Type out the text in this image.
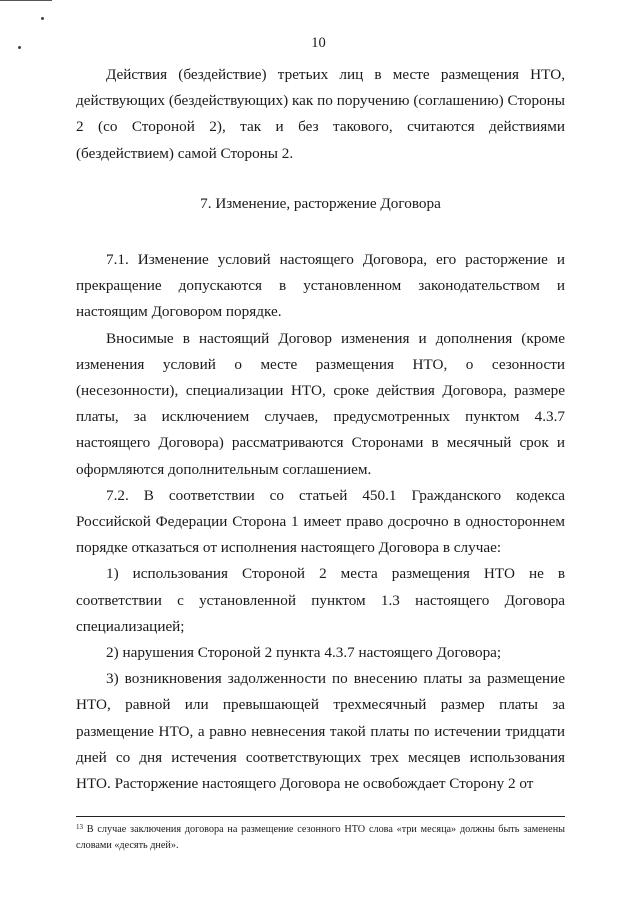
10

Действия (бездействие) третьих лиц в месте размещения НТО, действующих (бездействующих) как по поручению (соглашению) Стороны 2 (со Стороной 2), так и без такового, считаются действиями (бездействием) самой Стороны 2.

7. Изменение, расторжение Договора

7.1. Изменение условий настоящего Договора, его расторжение и прекращение допускаются в установленном законодательством и настоящим Договором порядке.

Вносимые в настоящий Договор изменения и дополнения (кроме изменения условий о месте размещения НТО, о сезонности (несезонности), специализации НТО, сроке действия Договора, размере платы, за исключением случаев, предусмотренных пунктом 4.3.7 настоящего Договора) рассматриваются Сторонами в месячный срок и оформляются дополнительным соглашением.

7.2. В соответствии со статьей 450.1 Гражданского кодекса Российской Федерации Сторона 1 имеет право досрочно в одностороннем порядке отказаться от исполнения настоящего Договора в случае:

1) использования Стороной 2 места размещения НТО не в соответствии с установленной пунктом 1.3 настоящего Договора специализацией;

2) нарушения Стороной 2 пункта 4.3.7 настоящего Договора;

3) возникновения задолженности по внесению платы за размещение НТО, равной или превышающей трехмесячный размер платы за размещение НТО, а равно невнесения такой платы по истечении тридцати дней со дня истечения соответствующих трех месяцев использования НТО. Расторжение настоящего Договора не освобождает Сторону 2 от

$^{13}$ В случае заключения договора на размещение сезонного НТО слова «три месяца» должны быть заменены словами «десять дней».
